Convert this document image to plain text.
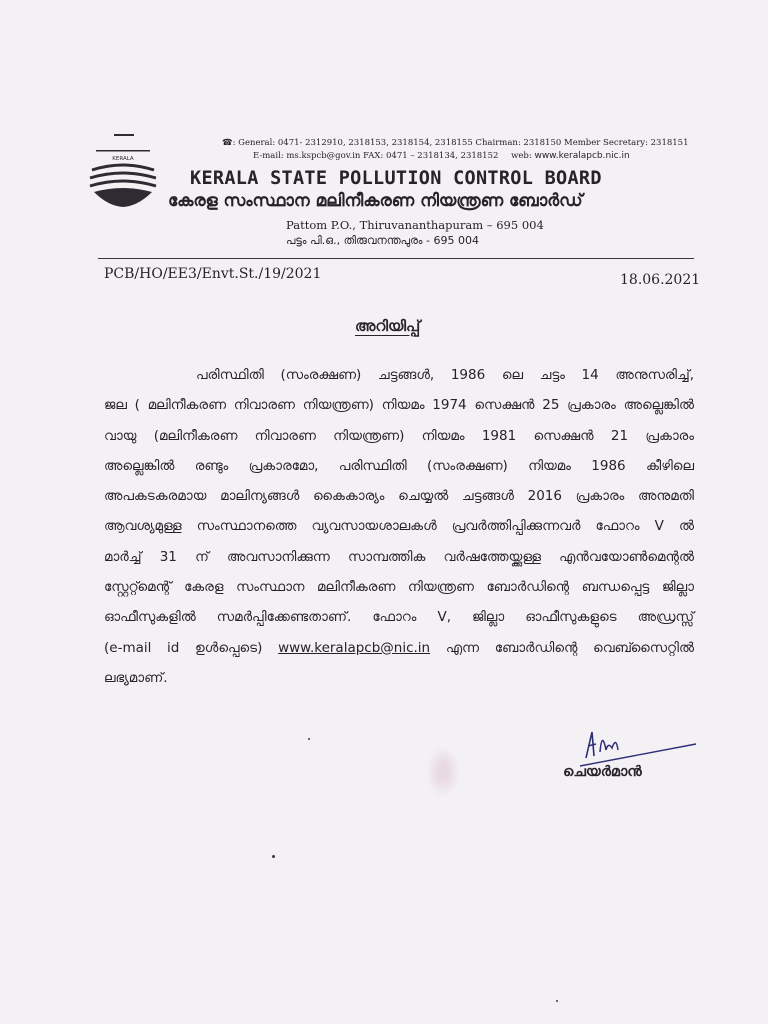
KERALA
☎: General: 0471- 2312910, 2318153, 2318154, 2318155 Chairman: 2318150 Member Secretary: 2318151
E-mail: ms.kspcb@gov.in FAX: 0471 – 2318134, 2318152 web: www.keralapcb.nic.in
KERALA STATE POLLUTION CONTROL BOARD
കേരള സംസ്ഥാന മലിനീകരണ നിയന്ത്രണ ബോർഡ്
Pattom P.O., Thiruvananthapuram – 695 004
പട്ടം പി.ഒ., തിരുവനന്തപുരം - 695 004
PCB/HO/EE3/Envt.St./19/2021	18.06.2021
അറിയിപ്പ്
പരിസ്ഥിതി (സംരക്ഷണ) ചട്ടങ്ങൾ, 1986 ലെ ചട്ടം 14 അനുസരിച്ച്,
ജല ( മലിനീകരണ നിവാരണ നിയന്ത്രണ) നിയമം 1974 സെക്ഷൻ 25 പ്രകാരം അല്ലെങ്കിൽ
വായു (മലിനീകരണ നിവാരണ നിയന്ത്രണ) നിയമം 1981 സെക്ഷൻ 21 പ്രകാരം
അല്ലെങ്കിൽ രണ്ടും പ്രകാരമോ, പരിസ്ഥിതി (സംരക്ഷണ) നിയമം 1986 കീഴിലെ
അപകടകരമായ മാലിന്യങ്ങൾ കൈകാര്യം ചെയ്യൽ ചട്ടങ്ങൾ 2016 പ്രകാരം അനുമതി
ആവശ്യമുള്ള സംസ്ഥാനത്തെ വ്യവസായശാലകൾ പ്രവർത്തിപ്പിക്കുന്നവർ ഫോറം V ൽ
മാർച്ച് 31 ന് അവസാനിക്കുന്ന സാമ്പത്തിക വർഷത്തേയ്ക്കുള്ള എൻവയോൺമെന്റൽ
സ്റ്റേറ്റ്മെന്റ് കേരള സംസ്ഥാന മലിനീകരണ നിയന്ത്രണ ബോർഡിന്റെ ബന്ധപ്പെട്ട ജില്ലാ
ഓഫീസുകളിൽ സമർപ്പിക്കേണ്ടതാണ്. ഫോറം V, ജില്ലാ ഓഫീസുകളുടെ അഡ്രസ്സ്
(e-mail id ഉൾപ്പെടെ) www.keralapcb@nic.in എന്ന ബോർഡിന്റെ വെബ്സൈറ്റിൽ
ലഭ്യമാണ്.
ചെയർമാൻ
